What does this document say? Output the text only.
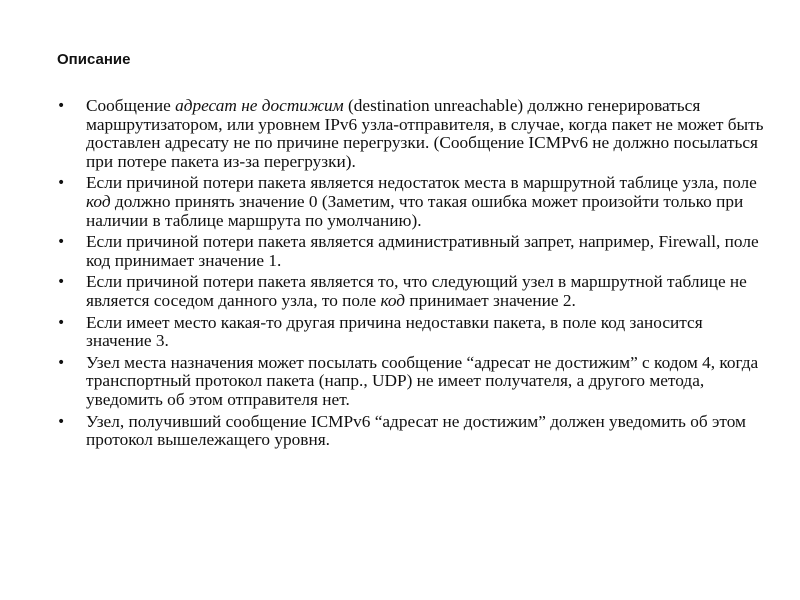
Описание
• Сообщение адресат не достижим (destination unreachable) должно генерироваться маршрутизатором, или уровнем IPv6 узла-отправителя, в случае, когда пакет не может быть доставлен адресату не по причине перегрузки. (Сообщение ICMPv6 не должно посылаться при потере пакета из-за перегрузки).
• Если причиной потери пакета является недостаток места в маршрутной таблице узла, поле код должно принять значение 0 (Заметим, что такая ошибка может произойти только при наличии в таблице маршрута по умолчанию).
• Если причиной потери пакета является административный запрет, например, Firewall, поле код принимает значение 1.
• Если причиной потери пакета является то, что следующий узел в маршрутной таблице не является соседом данного узла, то поле код принимает значение 2.
• Если имеет место какая-то другая причина недоставки пакета, в поле код заносится значение 3.
• Узел места назначения может посылать сообщение “адресат не достижим” с кодом 4, когда транспортный протокол пакета (напр., UDP) не имеет получателя, а другого метода, уведомить об этом отправителя нет.
• Узел, получивший сообщение ICMPv6 “адресат не достижим” должен уведомить об этом протокол вышележащего уровня.
